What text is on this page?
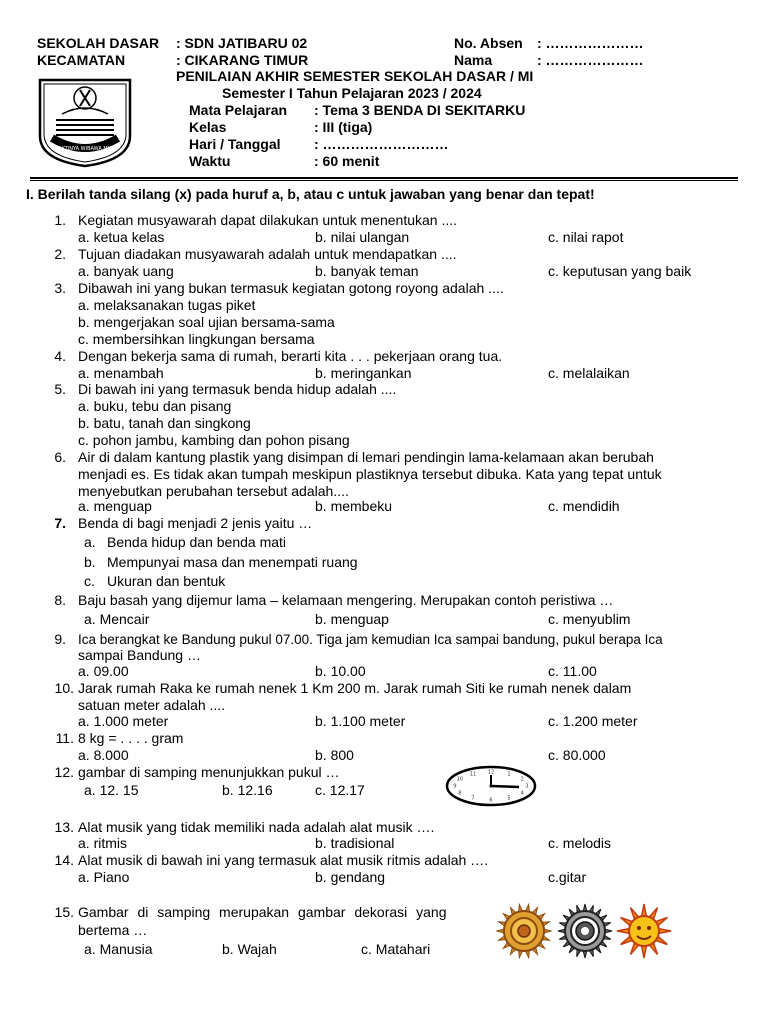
SEKOLAH DASAR : SDN JATIBARU 02
KECAMATAN	: CIKARANG TIMUR
No. Absen : …………………
Nama	: …………………
PENILAIAN AKHIR SEMESTER SEKOLAH DASAR / MI
Semester I Tahun Pelajaran 2023 / 2024
Mata Pelajaran : Tema 3 BENDA DI SEKITARKU
Kelas	: III (tiga)
Hari / Tanggal : ………………………
Waktu	: 60 menit
BHAKTINYA WIBAWA MUKTI
I. Berilah tanda silang (x) pada huruf a, b, atau c untuk jawaban yang benar dan tepat!
1. Kegiatan musyawarah dapat dilakukan untuk menentukan ....
a. ketua kelas	b. nilai ulangan	c. nilai rapot
2. Tujuan diadakan musyawarah adalah untuk mendapatkan ....
a. banyak uang	b. banyak teman	c. keputusan yang baik
3. Dibawah ini yang bukan termasuk kegiatan gotong royong adalah ....
a. melaksanakan tugas piket
b. mengerjakan soal ujian bersama-sama
c. membersihkan lingkungan bersama
4. Dengan bekerja sama di rumah, berarti kita . . . pekerjaan orang tua.
a. menambah	b. meringankan	c. melalaikan
5. Di bawah ini yang termasuk benda hidup adalah ....
a. buku, tebu dan pisang
b. batu, tanah dan singkong
c. pohon jambu, kambing dan pohon pisang
6. Air di dalam kantung plastik yang disimpan di lemari pendingin lama-kelamaan akan berubah
menjadi es. Es tidak akan tumpah meskipun plastiknya tersebut dibuka. Kata yang tepat untuk
menyebutkan perubahan tersebut adalah....
a. menguap	b. membeku	c. mendidih
7. Benda di bagi menjadi 2 jenis yaitu …
a. Benda hidup dan benda mati
b. Mempunyai masa dan menempati ruang
c. Ukuran dan bentuk
8. Baju basah yang dijemur lama – kelamaan mengering. Merupakan contoh peristiwa …
a. Mencair	b. menguap	c. menyublim
9. Ica berangkat ke Bandung pukul 07.00. Tiga jam kemudian Ica sampai bandung, pukul berapa Ica
sampai Bandung …
a. 09.00	b. 10.00	c. 11.00
10. Jarak rumah Raka ke rumah nenek 1 Km 200 m. Jarak rumah Siti ke rumah nenek dalam
satuan meter adalah ....
a. 1.000 meter	b. 1.100 meter	c. 1.200 meter
11. 8 kg = . . . . gram
a. 8.000	b. 800	c. 80.000
12. gambar di samping menunjukkan pukul …
a. 12. 15	b. 12.16	c. 12.17
12	1
2
3
4
5
6
7
8
9
10
11
13. Alat musik yang tidak memiliki nada adalah alat musik ….
a. ritmis	b. tradisional	c. melodis
14. Alat musik di bawah ini yang termasuk alat musik ritmis adalah ….
a. Piano	b. gendang	c.gitar
15. Gambar di samping merupakan gambar dekorasi yang
bertema …
a. Manusia	b. Wajah	c. Matahari
